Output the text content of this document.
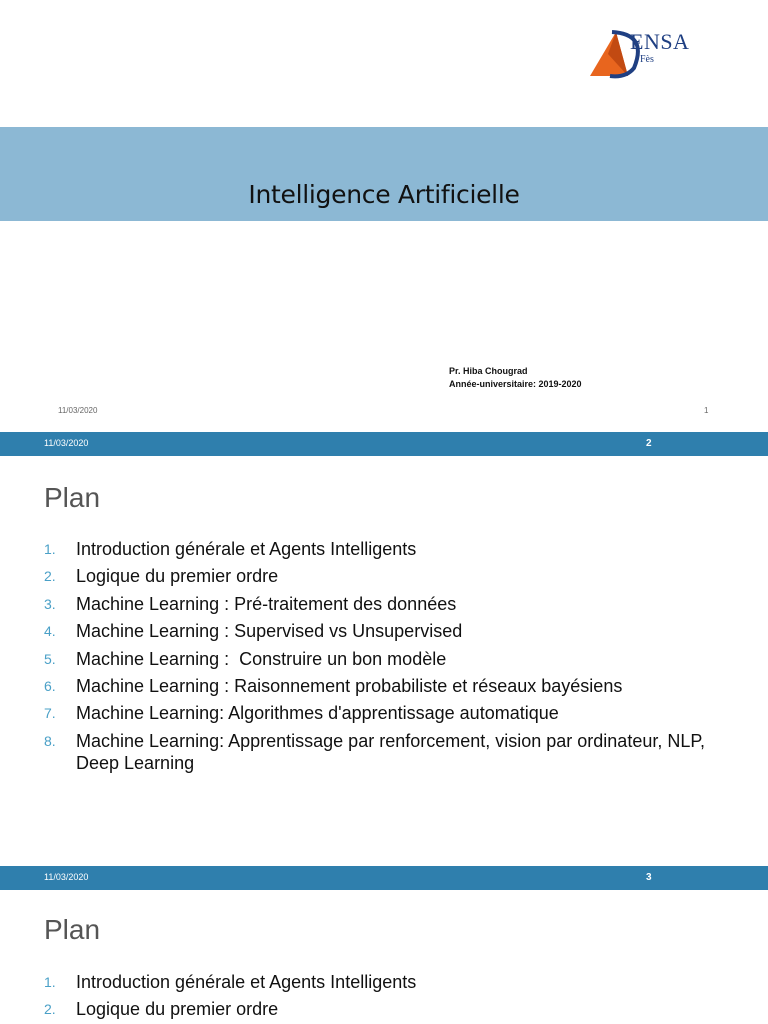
ENSA
Fès
Intelligence Artificielle
Pr. Hiba Chougrad
Année-universitaire: 2019-2020
11/03/2020	1
11/03/2020	2
Plan
1. Introduction générale et Agents Intelligents
2. Logique du premier ordre
3. Machine Learning : Pré-traitement des données
4. Machine Learning : Supervised vs Unsupervised
5. Machine Learning :  Construire un bon modèle
6. Machine Learning : Raisonnement probabiliste et réseaux bayésiens
7. Machine Learning: Algorithmes d'apprentissage automatique
8. Machine Learning: Apprentissage par renforcement, vision par ordinateur, NLP, Deep Learning
11/03/2020	3
Plan
1. Introduction générale et Agents Intelligents
2. Logique du premier ordre
